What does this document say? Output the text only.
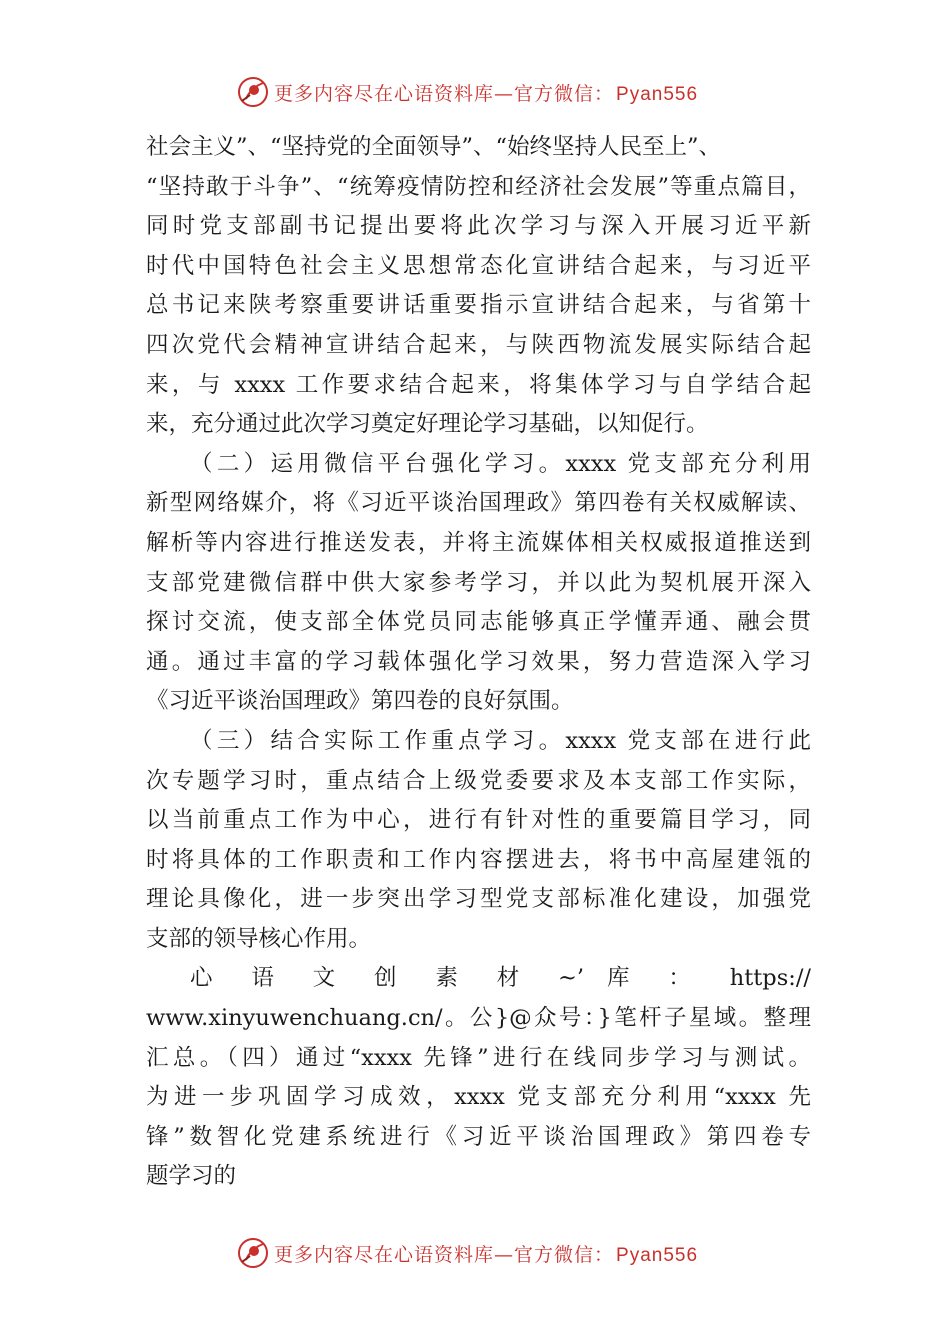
更多内容尽在心语资料库—官方微信： Pyan556
社会主义”、“坚持党的全面领导”、“始终坚持人民至上”、
“坚持敢于斗争”、“统筹疫情防控和经济社会发展”等重点篇目，
同时党支部副书记提出要将此次学习与深入开展习近平新
时代中国特色社会主义思想常态化宣讲结合起来，与习近平
总书记来陕考察重要讲话重要指示宣讲结合起来，与省第十
四次党代会精神宣讲结合起来，与陕西物流发展实际结合起
来，与 xxxx 工作要求结合起来，将集体学习与自学结合起
来，充分通过此次学习奠定好理论学习基础，以知促行。
（二）运用微信平台强化学习。xxxx 党支部充分利用
新型网络媒介，将《习近平谈治国理政》第四卷有关权威解读、
解析等内容进行推送发表，并将主流媒体相关权威报道推送到
支部党建微信群中供大家参考学习，并以此为契机展开深入
探讨交流，使支部全体党员同志能够真正学懂弄通、融会贯
通。通过丰富的学习载体强化学习效果，努力营造深入学习
《习近平谈治国理政》第四卷的良好氛围。
（三）结合实际工作重点学习。xxxx 党支部在进行此
次专题学习时，重点结合上级党委要求及本支部工作实际，
以当前重点工作为中心，进行有针对性的重要篇目学习，同
时将具体的工作职责和工作内容摆进去，将书中高屋建瓴的
理论具像化，进一步突出学习型党支部标准化建设，加强党
支部的领导核心作用。
心 语 文 创 素 材 ~’ 库 ： https://
www.xinyuwenchuang.cn/。公}@众号：}笔杆子星域。整理
汇总。（四）通过“xxxx 先锋”进行在线同步学习与测试。
为进一步巩固学习成效，xxxx 党支部充分利用“xxxx 先
锋”数智化党建系统进行《习近平谈治国理政》第四卷专
题学习的
更多内容尽在心语资料库—官方微信： Pyan556
